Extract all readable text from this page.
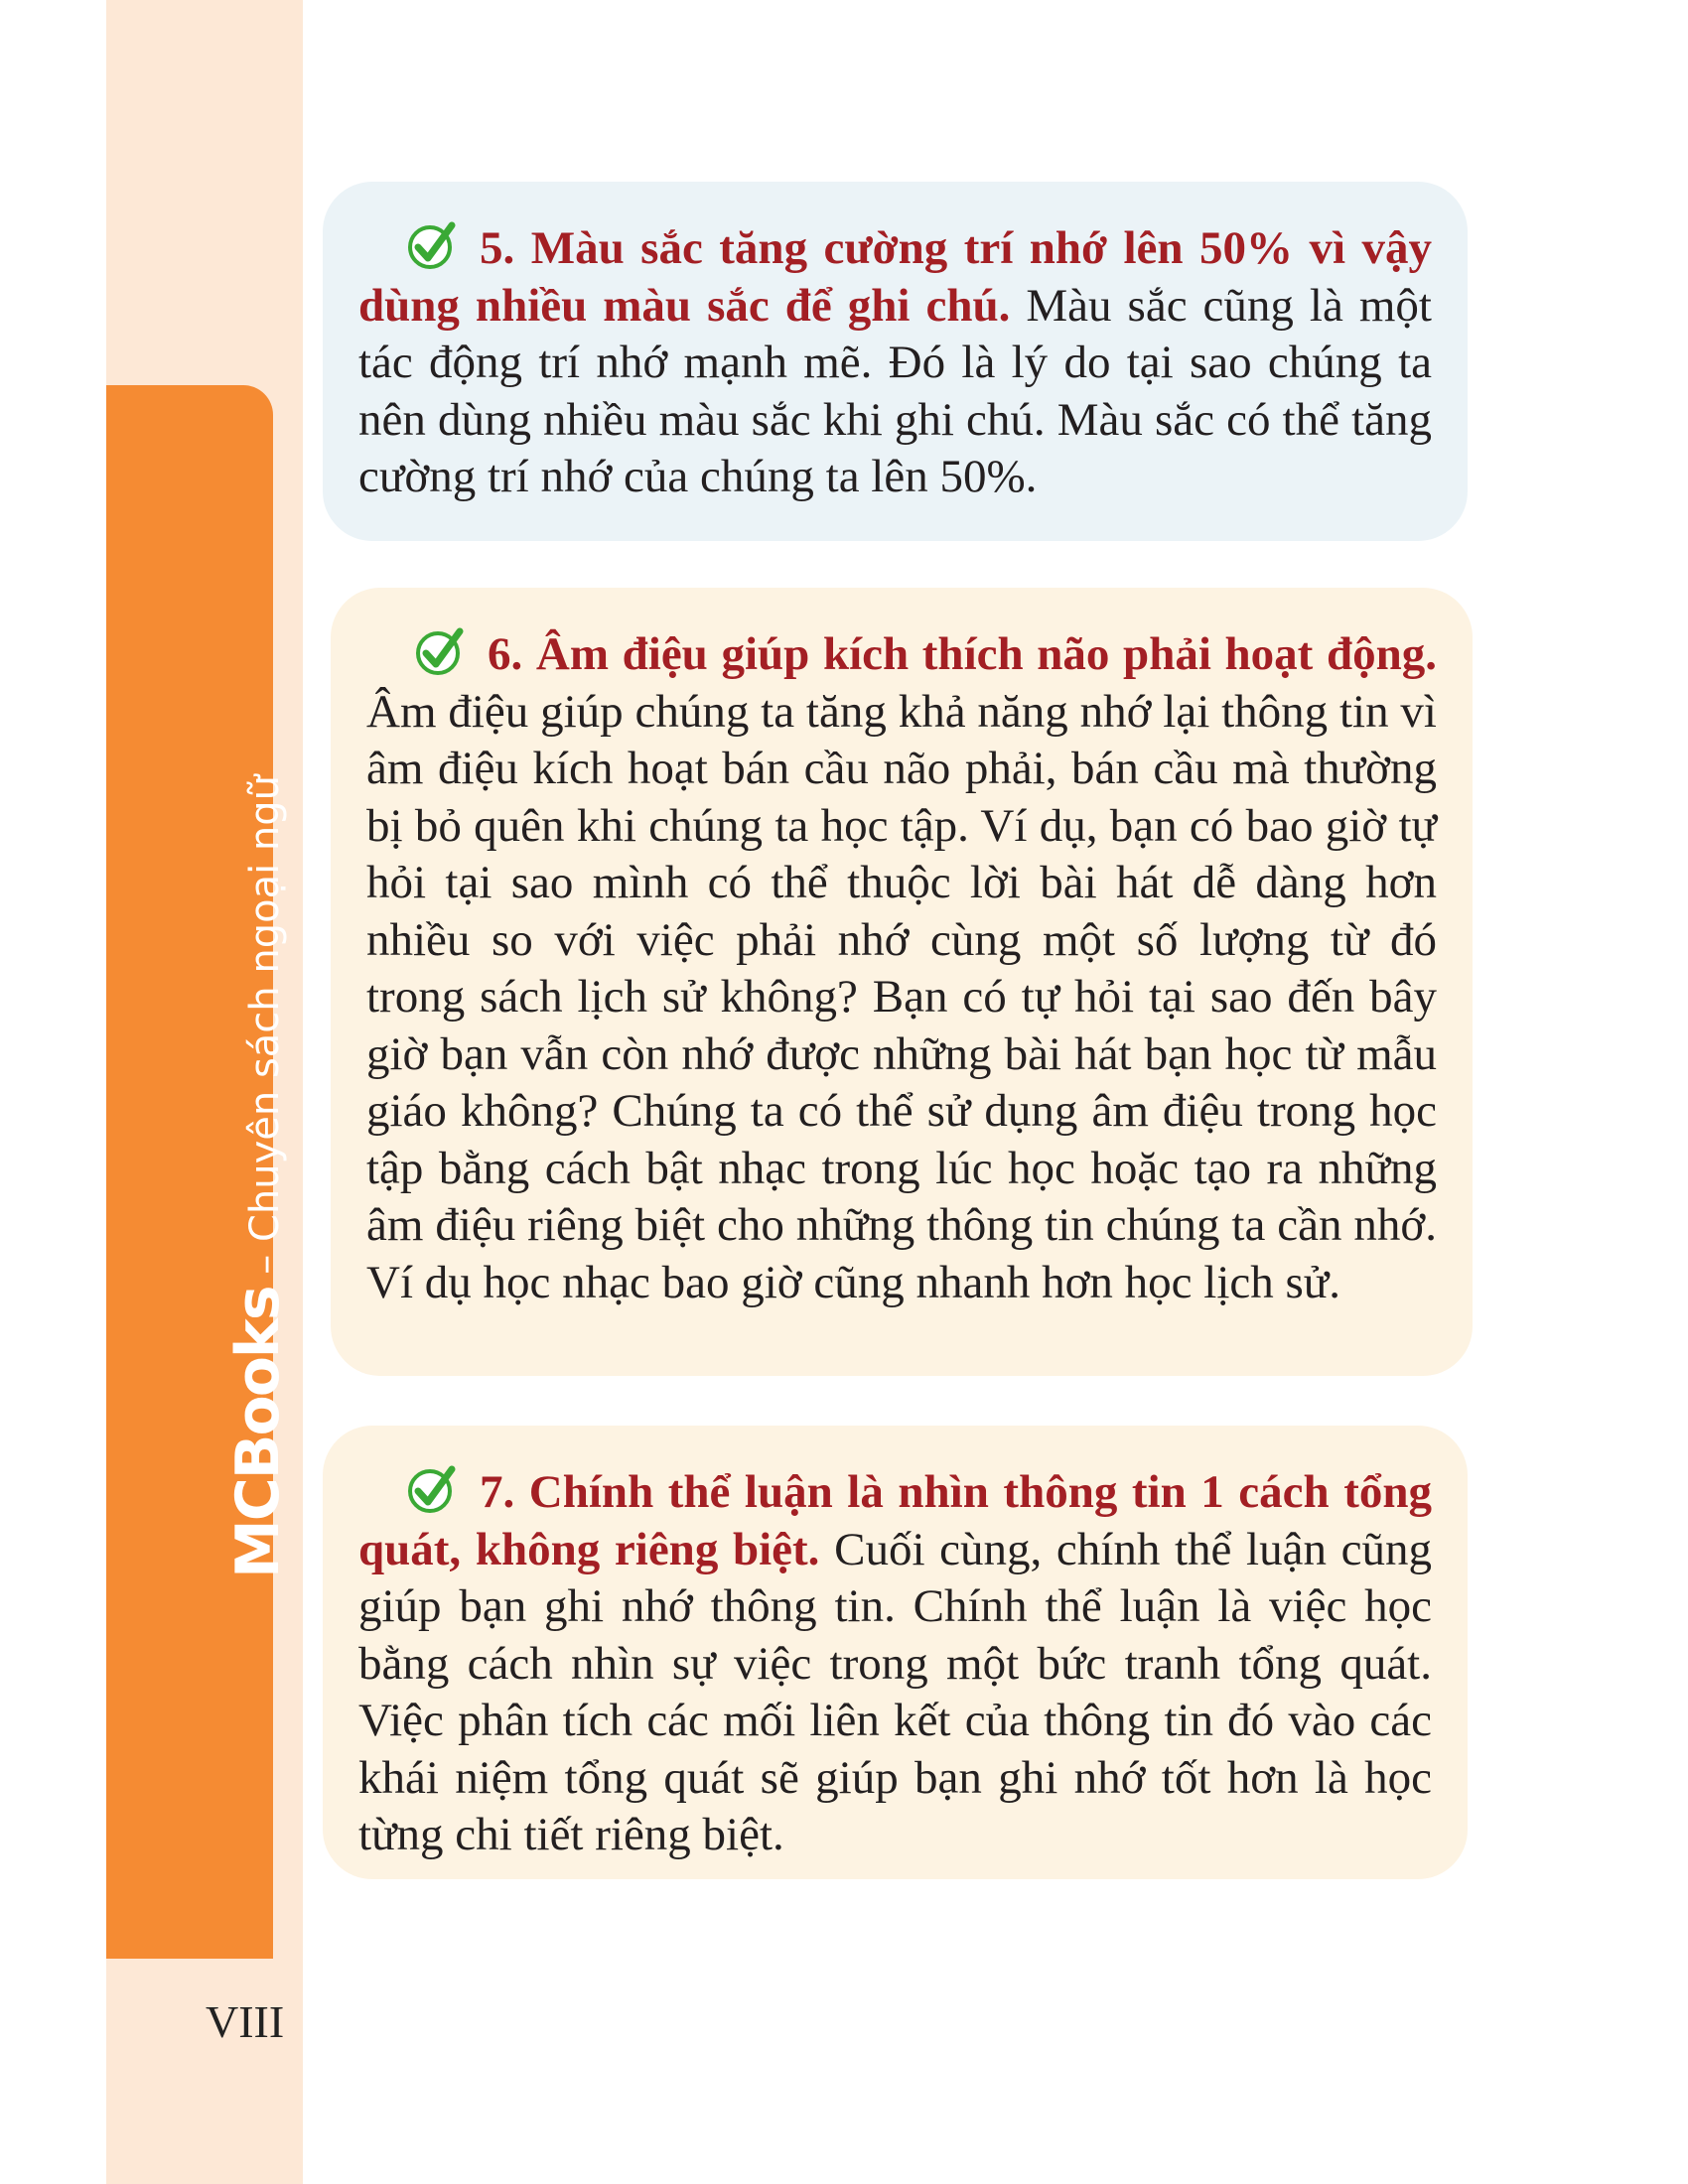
MCBooks – Chuyên sách ngoại ngữ
VIII

5. Màu sắc tăng cường trí nhớ lên 50% vì vậy dùng nhiều màu sắc để ghi chú. Màu sắc cũng là một tác động trí nhớ mạnh mẽ. Đó là lý do tại sao chúng ta nên dùng nhiều màu sắc khi ghi chú. Màu sắc có thể tăng cường trí nhớ của chúng ta lên 50%.

6. Âm điệu giúp kích thích não phải hoạt động. Âm điệu giúp chúng ta tăng khả năng nhớ lại thông tin vì âm điệu kích hoạt bán cầu não phải, bán cầu mà thường bị bỏ quên khi chúng ta học tập. Ví dụ, bạn có bao giờ tự hỏi tại sao mình có thể thuộc lời bài hát dễ dàng hơn nhiều so với việc phải nhớ cùng một số lượng từ đó trong sách lịch sử không? Bạn có tự hỏi tại sao đến bây giờ bạn vẫn còn nhớ được những bài hát bạn học từ mẫu giáo không? Chúng ta có thể sử dụng âm điệu trong học tập bằng cách bật nhạc trong lúc học hoặc tạo ra những âm điệu riêng biệt cho những thông tin chúng ta cần nhớ. Ví dụ học nhạc bao giờ cũng nhanh hơn học lịch sử.

7. Chính thể luận là nhìn thông tin 1 cách tổng quát, không riêng biệt. Cuối cùng, chính thể luận cũng giúp bạn ghi nhớ thông tin. Chính thể luận là việc học bằng cách nhìn sự việc trong một bức tranh tổng quát. Việc phân tích các mối liên kết của thông tin đó vào các khái niệm tổng quát sẽ giúp bạn ghi nhớ tốt hơn là học từng chi tiết riêng biệt.
